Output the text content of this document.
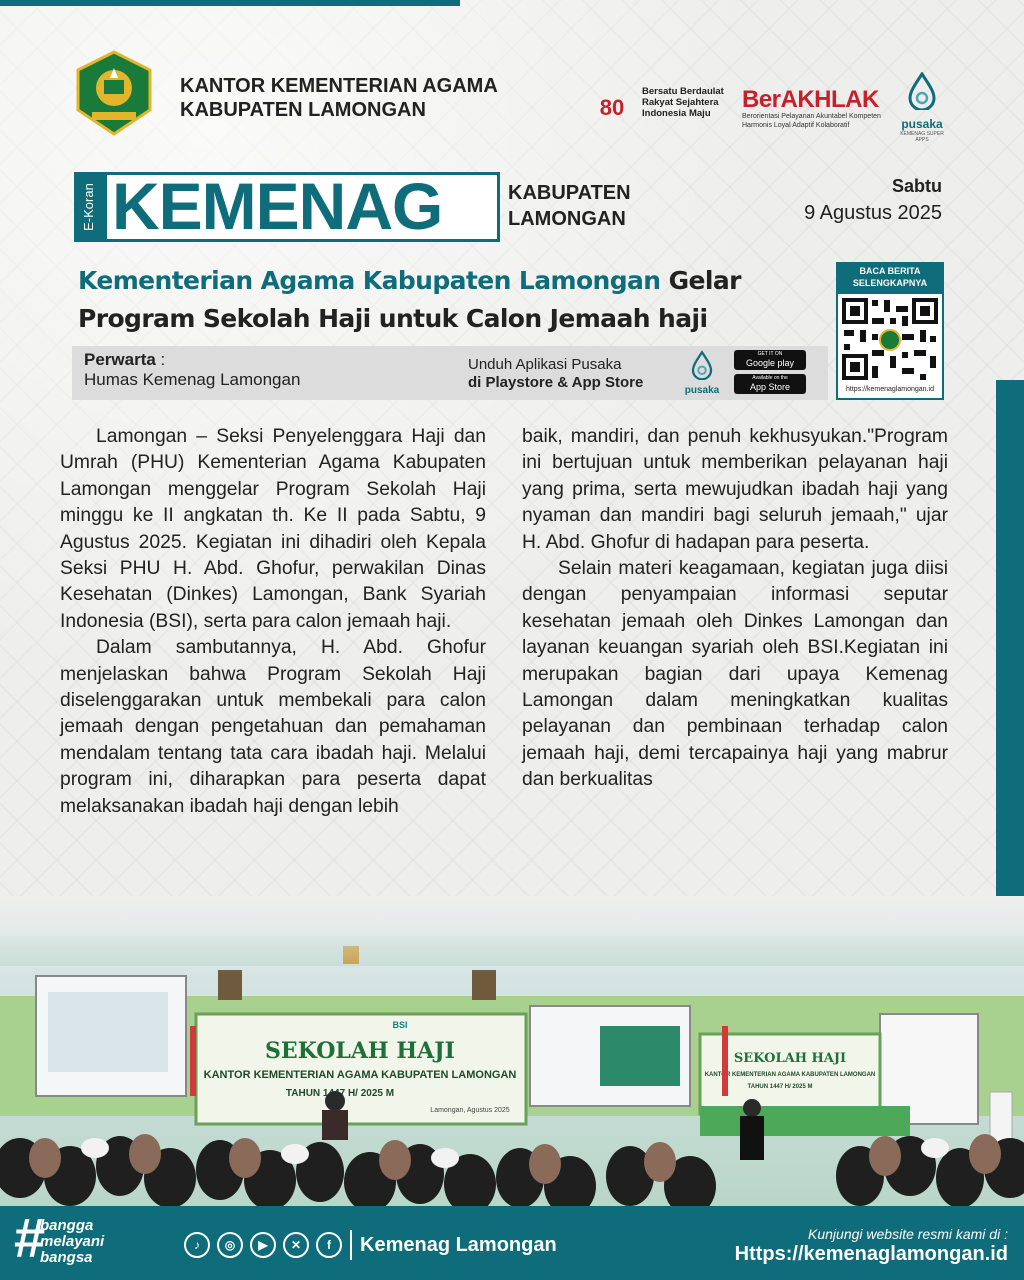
KANTOR KEMENTERIAN AGAMA
KABUPATEN LAMONGAN	80
Bersatu Berdaulat
Rakyat Sejahtera
Indonesia Maju
BerAKHLAK
Berorientasi Pelayanan Akuntabel Kompeten
Harmonis Loyal Adaptif Kolaboratif	pusaka
KEMENAG SUPER APPS
E-Koran KEMENAG	KABUPATEN
LAMONGAN
Sabtu
9 Agustus 2025
Kementerian Agama Kabupaten Lamongan Gelar Program Sekolah Haji untuk Calon Jemaah haji
BACA BERITA SELENGKAPNYA
https://kemenaglamongan.id
Perwarta :
Humas Kemenag Lamongan
Unduh Aplikasi Pusaka
di Playstore & App Store	pusaka
GET IT ON
Google play
Available on the
App Store

Lamongan – Seksi Penyelenggara Haji dan Umrah (PHU) Kementerian Agama Kabupaten Lamongan menggelar Program Sekolah Haji minggu ke II angkatan th. Ke II pada Sabtu, 9 Agustus 2025. Kegiatan ini dihadiri oleh Kepala Seksi PHU H. Abd. Ghofur, perwakilan Dinas Kesehatan (Dinkes) Lamongan, Bank Syariah Indonesia (BSI), serta para calon jemaah haji.

Dalam sambutannya, H. Abd. Ghofur menjelaskan bahwa Program Sekolah Haji diselenggarakan untuk membekali para calon jemaah dengan pengetahuan dan pemahaman mendalam tentang tata cara ibadah haji. Melalui program ini, diharapkan para peserta dapat melaksanakan ibadah haji dengan lebih

baik, mandiri, dan penuh kekhusyukan."Program ini bertujuan untuk memberikan pelayanan haji yang prima, serta mewujudkan ibadah haji yang nyaman dan mandiri bagi seluruh jemaah," ujar H. Abd. Ghofur di hadapan para peserta.

Selain materi keagamaan, kegiatan juga diisi dengan penyampaian informasi seputar kesehatan jemaah oleh Dinkes Lamongan dan layanan keuangan syariah oleh BSI.Kegiatan ini merupakan bagian dari upaya Kemenag Lamongan dalam meningkatkan kualitas pelayanan dan pembinaan terhadap calon jemaah haji, demi tercapainya haji yang mabrur dan berkualitas

#
bangga
melayani
bangsa
♪	◎	▶	✕	f	Kemenag Lamongan	Kunjungi website resmi kami di :
Https://kemenaglamongan.id
